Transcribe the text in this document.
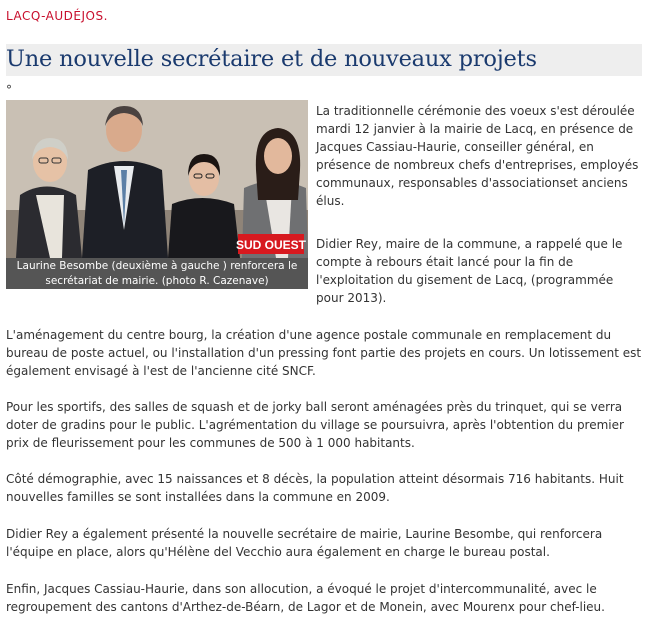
LACQ-AUDÉJOS.
Une nouvelle secrétaire et de nouveaux projets
°
SUD OUEST
Laurine Besombe (deuxième à gauche ) renforcera le secrétariat de mairie. (photo R. Cazenave)

La traditionnelle cérémonie des voeux s'est déroulée mardi 12 janvier à la mairie de Lacq, en présence de Jacques Cassiau-Haurie, conseiller général, en présence de nombreux chefs d'entreprises, employés communaux, responsables d'associationset anciens élus.

Didier Rey, maire de la commune, a rappelé que le compte à rebours était lancé pour la fin de l'exploitation du gisement de Lacq, (programmée pour 2013).

L'aménagement du centre bourg, la création d'une agence postale communale en remplacement du bureau de poste actuel, ou l'installation d'un pressing font partie des projets en cours. Un lotissement est également envisagé à l'est de l'ancienne cité SNCF.

Pour les sportifs, des salles de squash et de jorky ball seront aménagées près du trinquet, qui se verra doter de gradins pour le public. L'agrémentation du village se poursuivra, après l'obtention du premier prix de fleurissement pour les communes de 500 à 1 000 habitants.

Côté démographie, avec 15 naissances et 8 décès, la population atteint désormais 716 habitants. Huit nouvelles familles se sont installées dans la commune en 2009.

Didier Rey a également présenté la nouvelle secrétaire de mairie, Laurine Besombe, qui renforcera l'équipe en place, alors qu'Hélène del Vecchio aura également en charge le bureau postal.

Enfin, Jacques Cassiau-Haurie, dans son allocution, a évoqué le projet d'intercommunalité, avec le regroupement des cantons d'Arthez-de-Béarn, de Lagor et de Monein, avec Mourenx pour chef-lieu.
